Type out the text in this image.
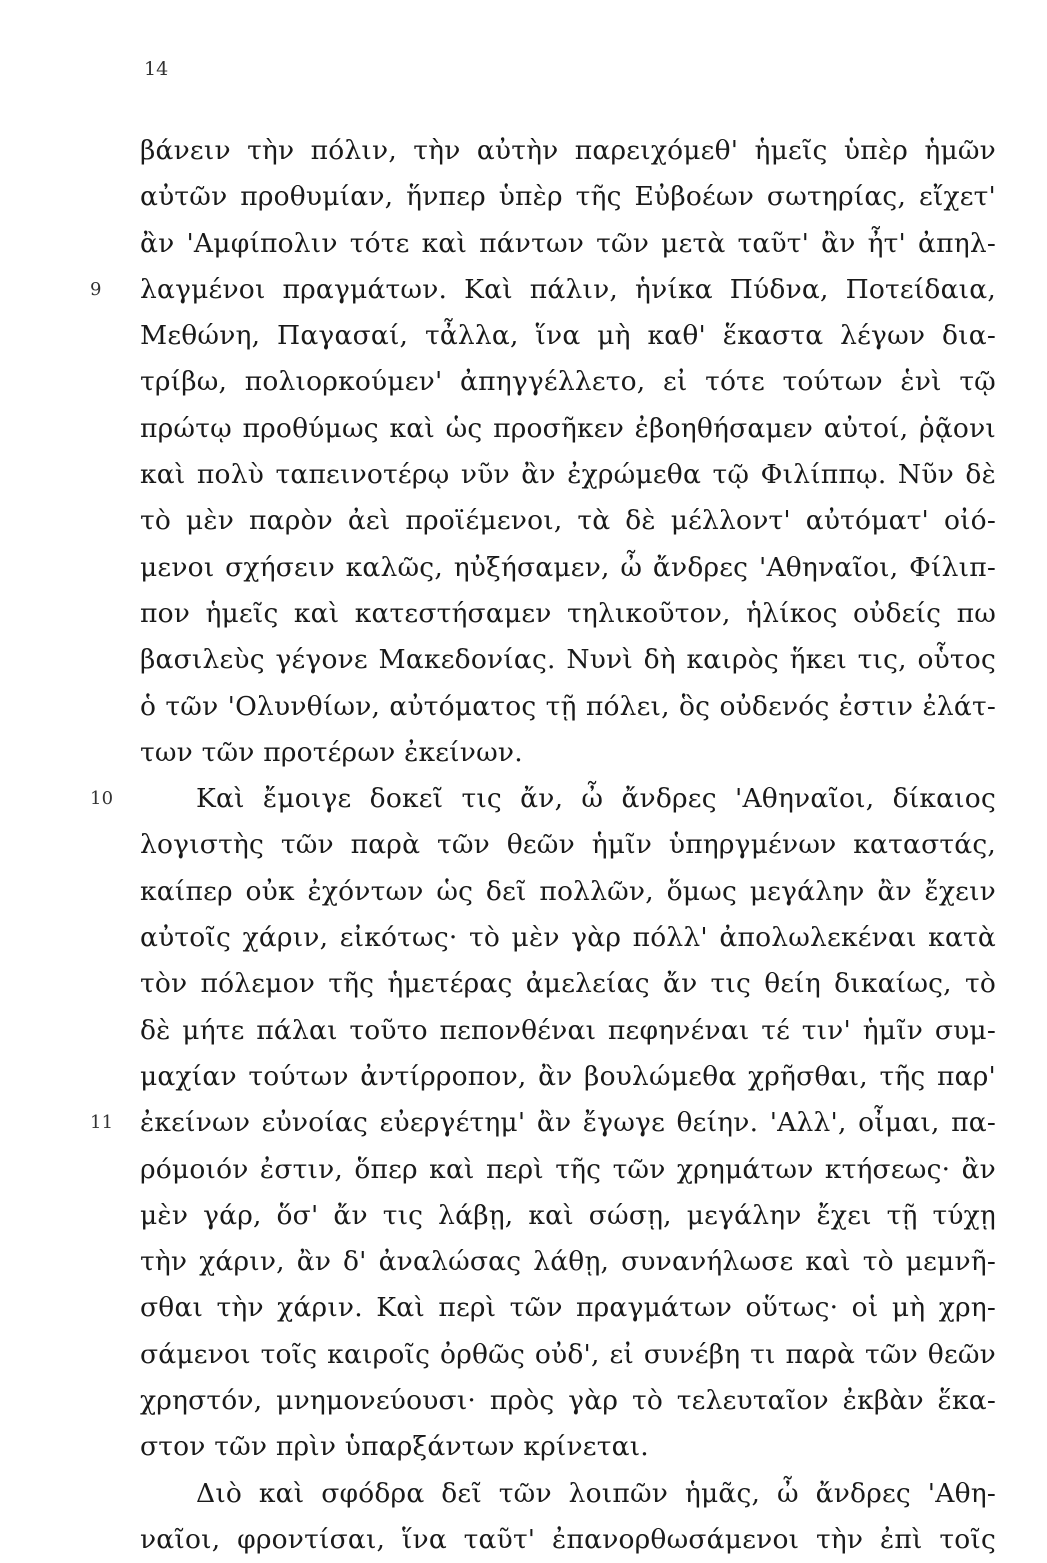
14
βάνειν τὴν πόλιν, τὴν αὐτὴν παρειχόμεθ' ἡμεῖς ὑπὲρ ἡμῶν
αὐτῶν προθυμίαν, ἥνπερ ὑπὲρ τῆς Εὐβοέων σωτηρίας, εἴχετ'
ἂν 'Αμφίπολιν τότε καὶ πάντων τῶν μετὰ ταῦτ' ἂν ἦτ' ἀπηλ-
9	λαγμένοι πραγμάτων. Καὶ πάλιν, ἡνίκα Πύδνα, Ποτείδαια,
Μεθώνη, Παγασαί, τἆλλα, ἵνα μὴ καθ' ἕκαστα λέγων δια-
τρίβω, πολιορκούμεν' ἀπηγγέλλετο, εἰ τότε τούτων ἑνὶ τῷ
πρώτῳ προθύμως καὶ ὡς προσῆκεν ἐβοηθήσαμεν αὐτοί, ῥᾷονι
καὶ πολὺ ταπεινοτέρῳ νῦν ἂν ἐχρώμεθα τῷ Φιλίππῳ. Νῦν δὲ
τὸ μὲν παρὸν ἀεὶ προϊέμενοι, τὰ δὲ μέλλοντ' αὐτόματ' οἰό-
μενοι σχήσειν καλῶς, ηὐξήσαμεν, ὦ ἄνδρες 'Αθηναῖοι, Φίλιπ-
πον ἡμεῖς καὶ κατεστήσαμεν τηλικοῦτον, ἡλίκος οὐδείς πω
βασιλεὺς γέγονε Μακεδονίας. Νυνὶ δὴ καιρὸς ἥκει τις, οὗτος
ὁ τῶν 'Ολυνθίων, αὐτόματος τῇ πόλει, ὃς οὐδενός ἐστιν ἐλάτ-
των τῶν προτέρων ἐκείνων.
10	Καὶ ἔμοιγε δοκεῖ τις ἄν, ὦ ἄνδρες 'Αθηναῖοι, δίκαιος
λογιστὴς τῶν παρὰ τῶν θεῶν ἡμῖν ὑπηργμένων καταστάς,
καίπερ οὐκ ἐχόντων ὡς δεῖ πολλῶν, ὅμως μεγάλην ἂν ἔχειν
αὐτοῖς χάριν, εἰκότως· τὸ μὲν γὰρ πόλλ' ἀπολωλεκέναι κατὰ
τὸν πόλεμον τῆς ἡμετέρας ἀμελείας ἄν τις θείη δικαίως, τὸ
δὲ μήτε πάλαι τοῦτο πεπονθέναι πεφηνέναι τέ τιν' ἡμῖν συμ-
μαχίαν τούτων ἀντίρροπον, ἂν βουλώμεθα χρῆσθαι, τῆς παρ'
11	ἐκείνων εὐνοίας εὐεργέτημ' ἂν ἔγωγε θείην. 'Αλλ', οἶμαι, πα-
ρόμοιόν ἐστιν, ὅπερ καὶ περὶ τῆς τῶν χρημάτων κτήσεως· ἂν
μὲν γάρ, ὅσ' ἄν τις λάβῃ, καὶ σώσῃ, μεγάλην ἔχει τῇ τύχῃ
τὴν χάριν, ἂν δ' ἀναλώσας λάθῃ, συνανήλωσε καὶ τὸ μεμνῆ-
σθαι τὴν χάριν. Καὶ περὶ τῶν πραγμάτων οὕτως· οἱ μὴ χρη-
σάμενοι τοῖς καιροῖς ὀρθῶς οὐδ', εἰ συνέβη τι παρὰ τῶν θεῶν
χρηστόν, μνημονεύουσι· πρὸς γὰρ τὸ τελευταῖον ἐκβὰν ἕκα-
στον τῶν πρὶν ὑπαρξάντων κρίνεται.
Διὸ καὶ σφόδρα δεῖ τῶν λοιπῶν ἡμᾶς, ὦ ἄνδρες 'Αθη-
ναῖοι, φροντίσαι, ἵνα ταῦτ' ἐπανορθωσάμενοι τὴν ἐπὶ τοῖς
